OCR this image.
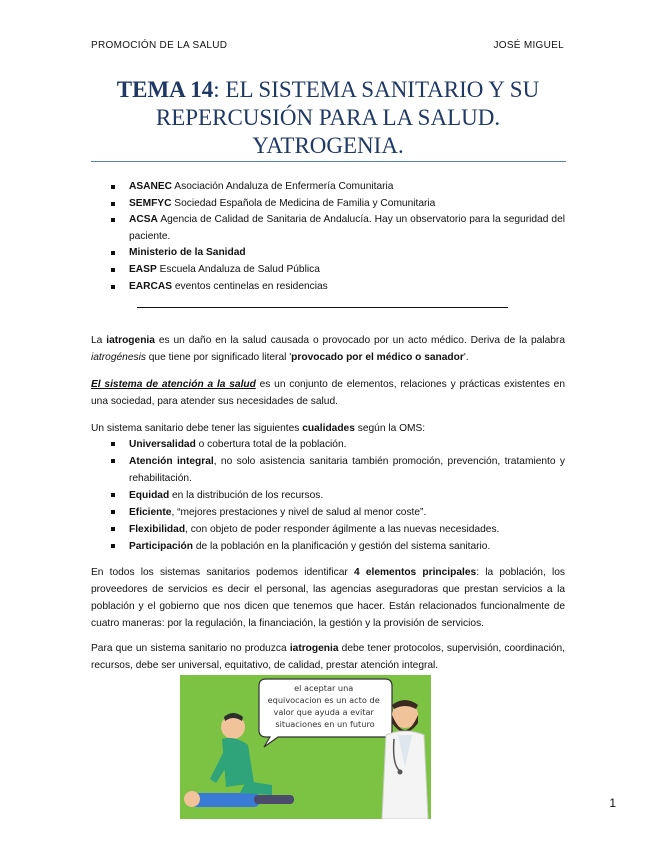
PROMOCIÓN DE LA SALUD	JOSÉ MIGUEL
TEMA 14: EL SISTEMA SANITARIO Y SU
REPERCUSIÓN PARA LA SALUD.
YATROGENIA.
ASANEC Asociación Andaluza de Enfermería Comunitaria
SEMFYC Sociedad Española de Medicina de Familia y Comunitaria
ACSA Agencia de Calidad de Sanitaria de Andalucía. Hay un observatorio para la seguridad del paciente.
Ministerio de la Sanidad
EASP Escuela Andaluza de Salud Pública
EARCAS eventos centinelas en residencias

La iatrogenia es un daño en la salud causada o provocado por un acto médico. Deriva de la palabra iatrogénesis que tiene por significado literal 'provocado por el médico o sanador'.

El sistema de atención a la salud es un conjunto de elementos, relaciones y prácticas existentes en una sociedad, para atender sus necesidades de salud.

Un sistema sanitario debe tener las siguientes cualidades según la OMS:

Universalidad o cobertura total de la población.
Atención integral, no solo asistencia sanitaria también promoción, prevención, tratamiento y rehabilitación.
Equidad en la distribución de los recursos.
Eficiente, “mejores prestaciones y nivel de salud al menor coste”.
Flexibilidad, con objeto de poder responder ágilmente a las nuevas necesidades.
Participación de la población en la planificación y gestión del sistema sanitario.

En todos los sistemas sanitarios podemos identificar 4 elementos principales: la población, los proveedores de servicios es decir el personal, las agencias aseguradoras que prestan servicios a la población y el gobierno que nos dicen que tenemos que hacer. Están relacionados funcionalmente de cuatro maneras: por la regulación, la financiación, la gestión y la provisión de servicios.

Para que un sistema sanitario no produzca iatrogenia debe tener protocolos, supervisión, coordinación, recursos, debe ser universal, equitativo, de calidad, prestar atención integral.

el aceptar una equivocacion es un acto de valor que ayuda a evitar situaciones en un futuro
1
